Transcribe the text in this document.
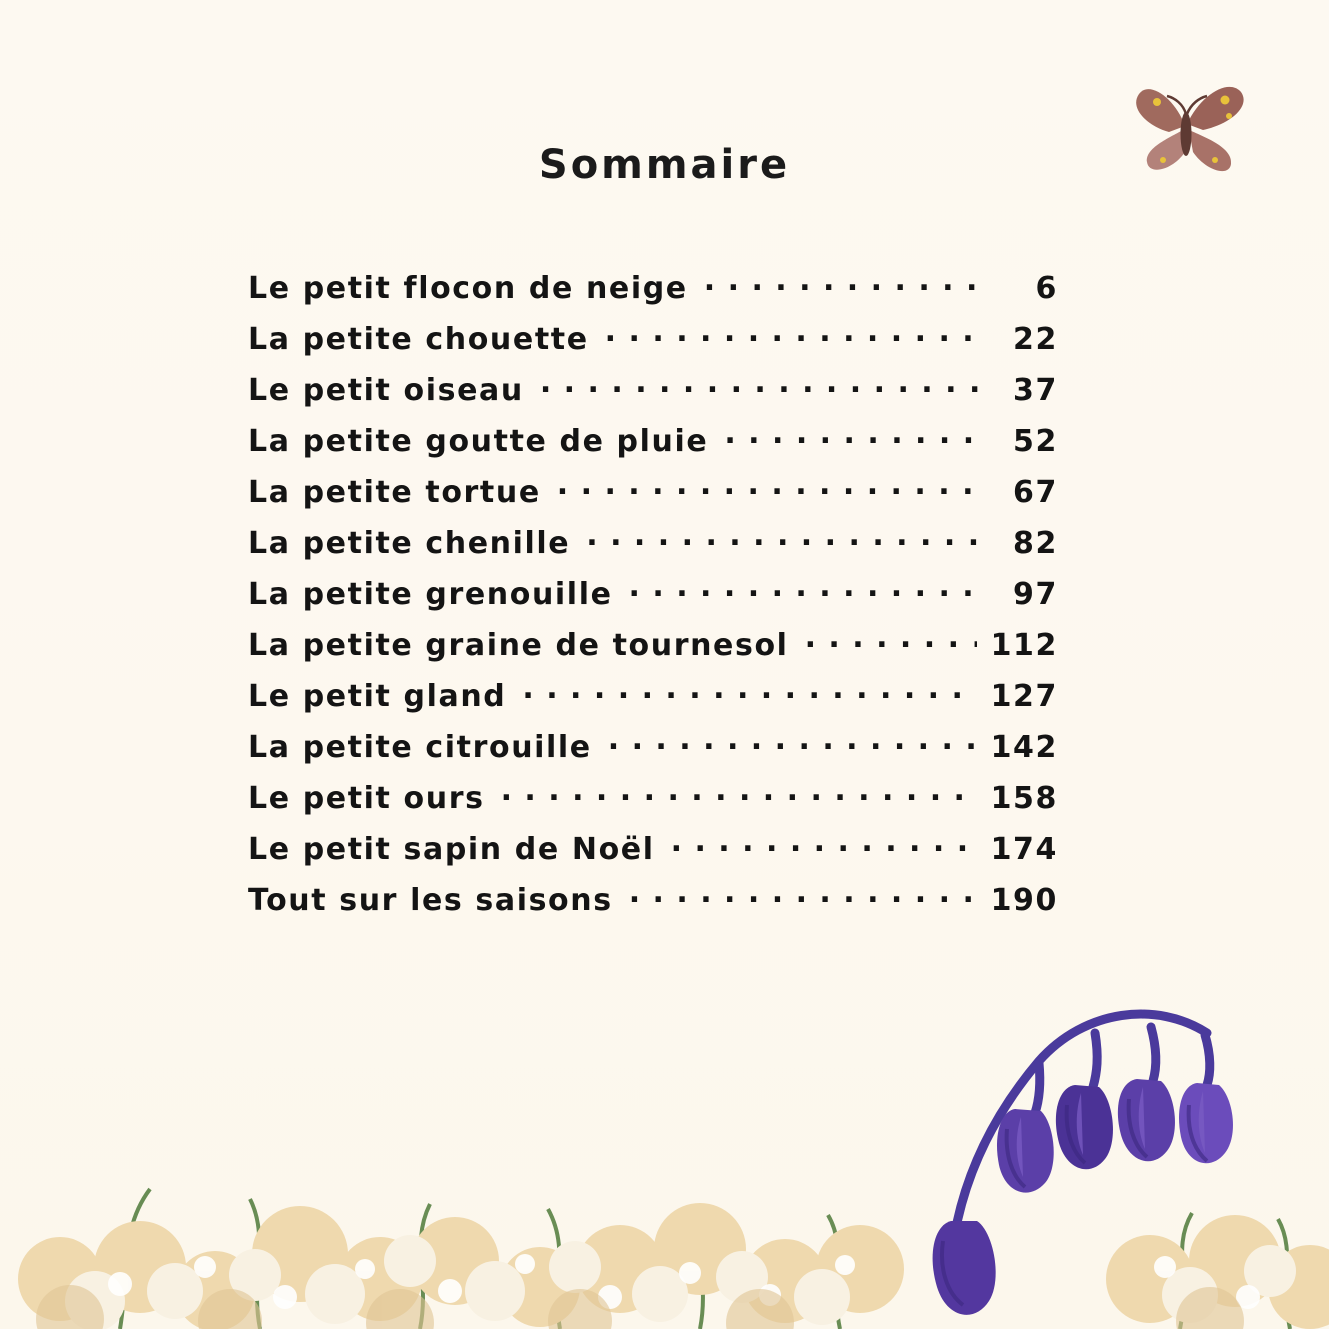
Sommaire
Le petit flocon de neige . . .	6
La petite chouette . . .	22
Le petit oiseau . . .	37
La petite goutte de pluie . . .	52
La petite tortue . . .	67
La petite chenille . . .	82
La petite grenouille . . .	97
La petite graine de tournesol . . .	112
Le petit gland . . .	127
La petite citrouille . . .	142
Le petit ours . . .	158
Le petit sapin de Noël . . .	174
Tout sur les saisons . . .	190
